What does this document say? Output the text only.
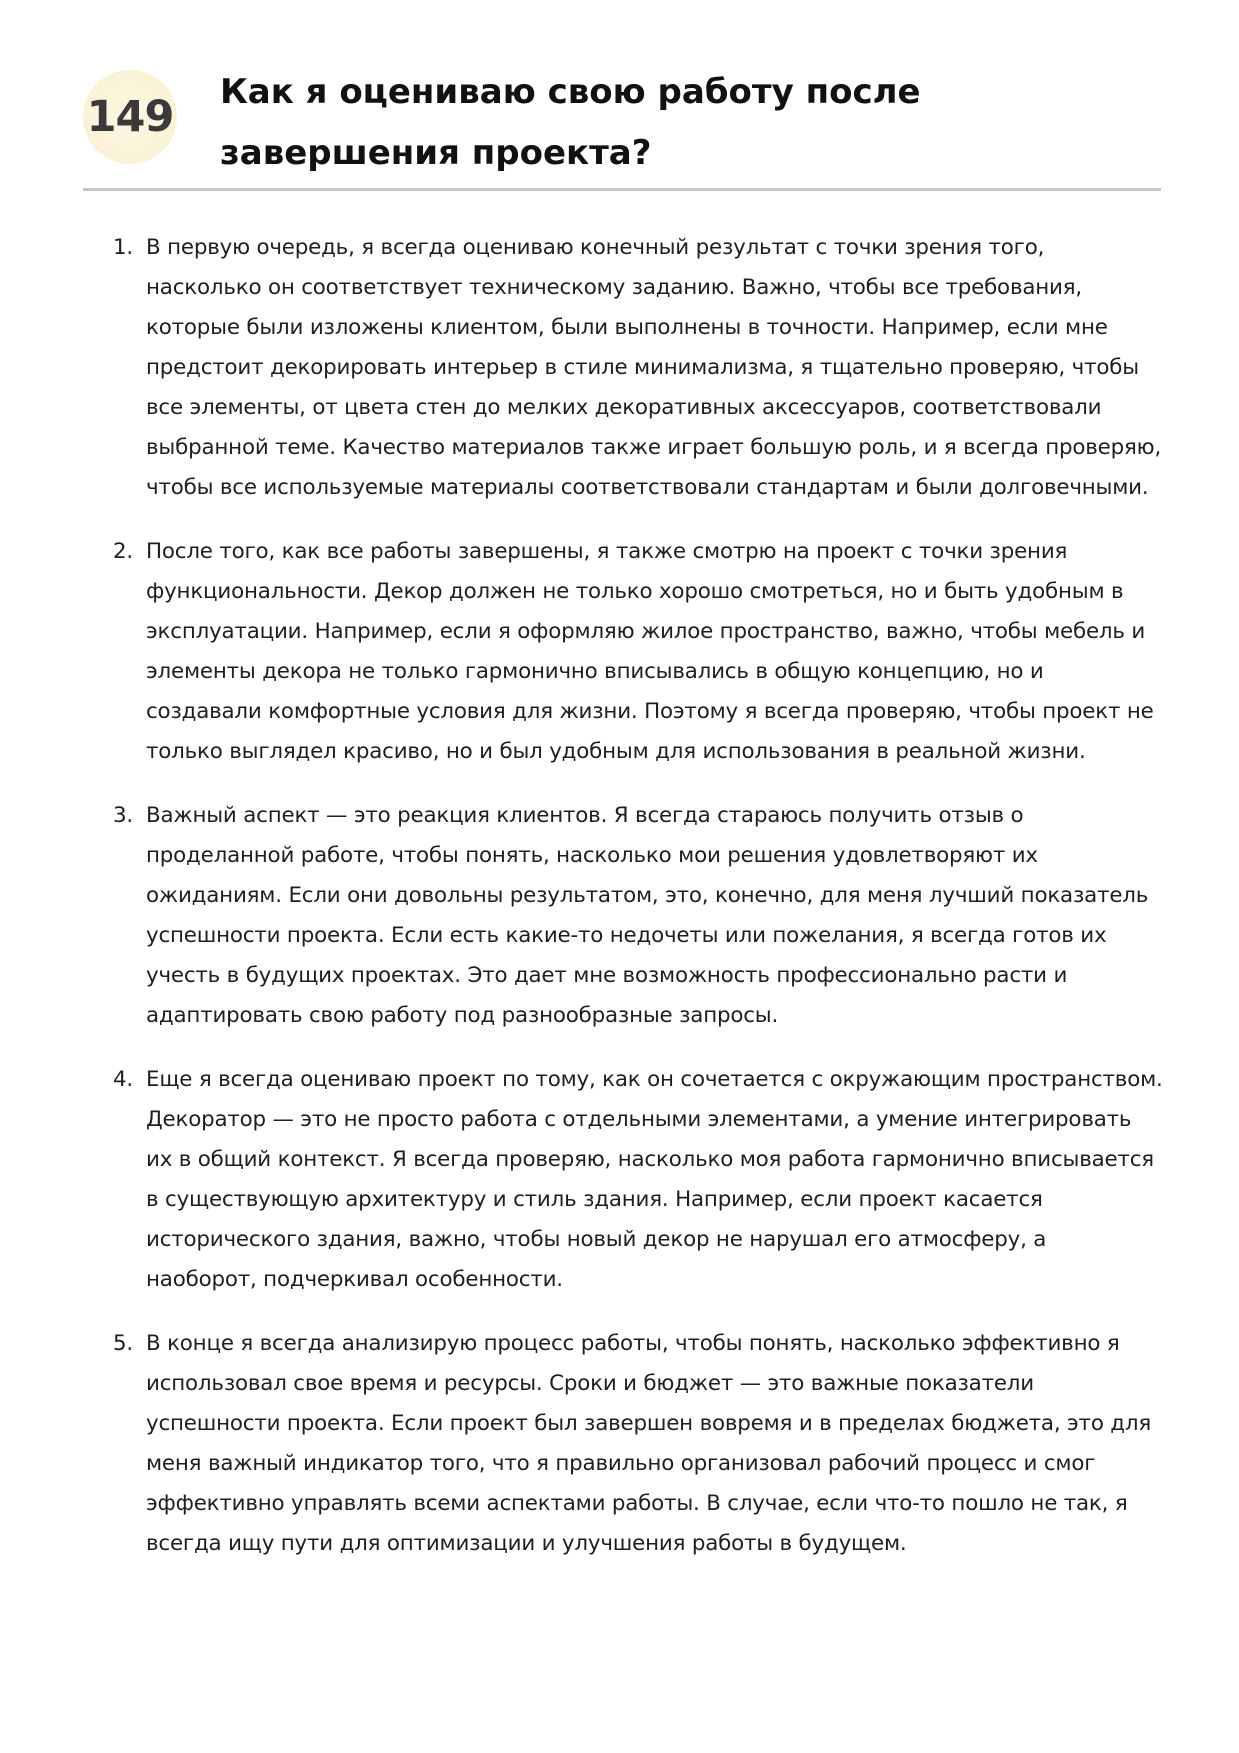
149 Как я оцениваю свою работу после завершения проекта?
1. В первую очередь, я всегда оцениваю конечный результат с точки зрения того, насколько он соответствует техническому заданию. Важно, чтобы все требования, которые были изложены клиентом, были выполнены в точности. Например, если мне предстоит декорировать интерьер в стиле минимализма, я тщательно проверяю, чтобы все элементы, от цвета стен до мелких декоративных аксессуаров, соответствовали выбранной теме. Качество материалов также играет большую роль, и я всегда проверяю, чтобы все используемые материалы соответствовали стандартам и были долговечными.
2. После того, как все работы завершены, я также смотрю на проект с точки зрения функциональности. Декор должен не только хорошо смотреться, но и быть удобным в эксплуатации. Например, если я оформляю жилое пространство, важно, чтобы мебель и элементы декора не только гармонично вписывались в общую концепцию, но и создавали комфортные условия для жизни. Поэтому я всегда проверяю, чтобы проект не только выглядел красиво, но и был удобным для использования в реальной жизни.
3. Важный аспект — это реакция клиентов. Я всегда стараюсь получить отзыв о проделанной работе, чтобы понять, насколько мои решения удовлетворяют их ожиданиям. Если они довольны результатом, это, конечно, для меня лучший показатель успешности проекта. Если есть какие-то недочеты или пожелания, я всегда готов их учесть в будущих проектах. Это дает мне возможность профессионально расти и адаптировать свою работу под разнообразные запросы.
4. Еще я всегда оцениваю проект по тому, как он сочетается с окружающим пространством. Декоратор — это не просто работа с отдельными элементами, а умение интегрировать их в общий контекст. Я всегда проверяю, насколько моя работа гармонично вписывается в существующую архитектуру и стиль здания. Например, если проект касается исторического здания, важно, чтобы новый декор не нарушал его атмосферу, а наоборот, подчеркивал особенности.
5. В конце я всегда анализирую процесс работы, чтобы понять, насколько эффективно я использовал свое время и ресурсы. Сроки и бюджет — это важные показатели успешности проекта. Если проект был завершен вовремя и в пределах бюджета, это для меня важный индикатор того, что я правильно организовал рабочий процесс и смог эффективно управлять всеми аспектами работы. В случае, если что-то пошло не так, я всегда ищу пути для оптимизации и улучшения работы в будущем.
